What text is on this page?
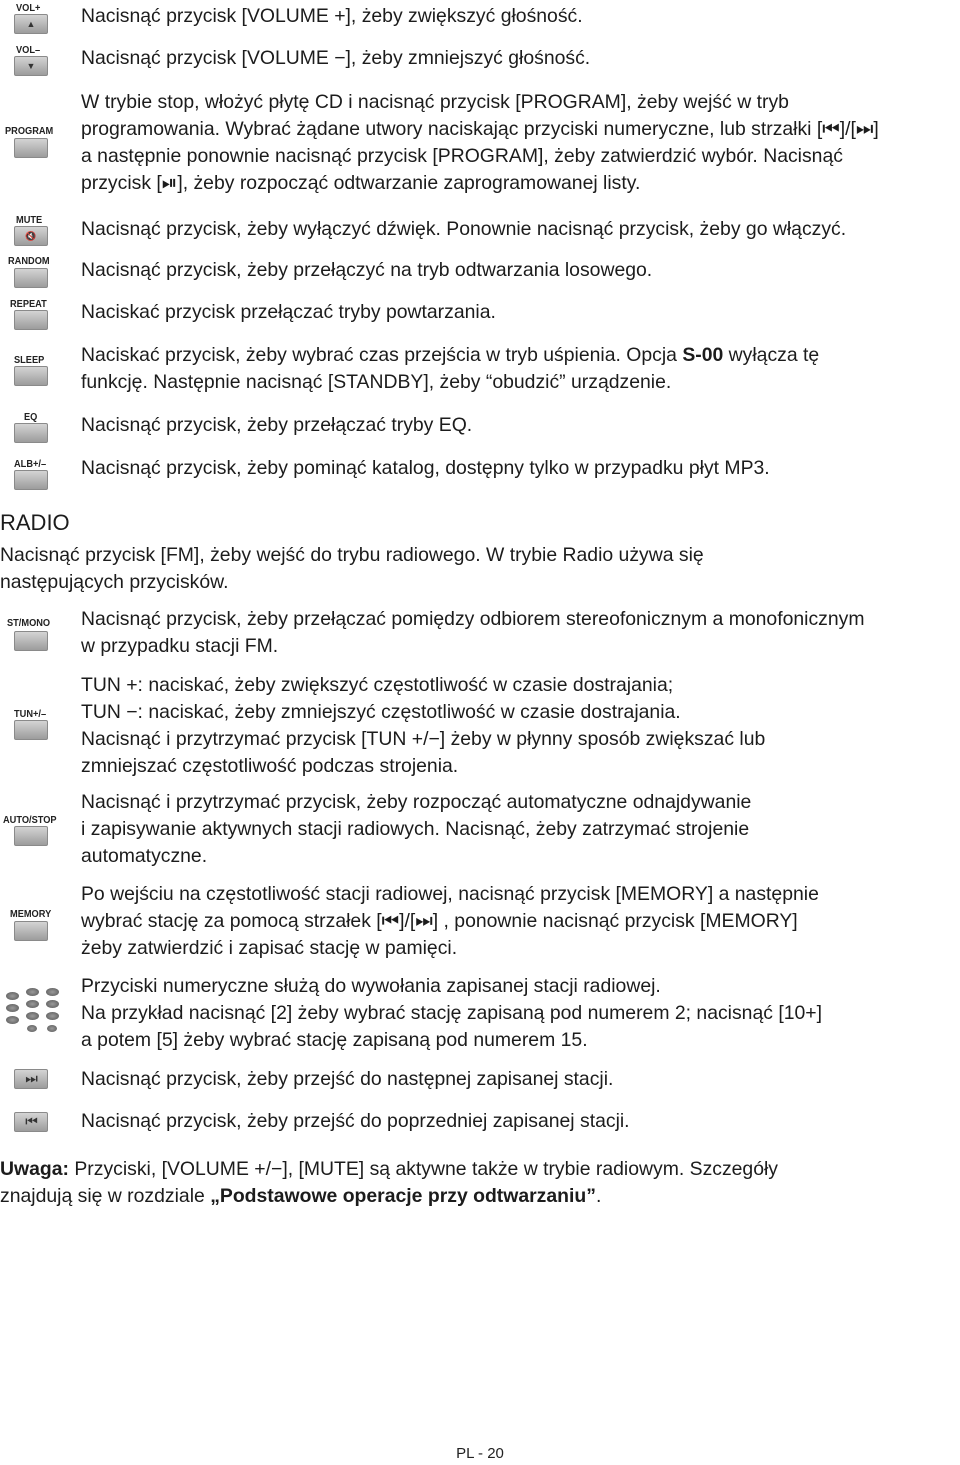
VOL+
▲	Nacisnąć przycisk [VOLUME +], żeby zwiększyć głośność.

VOL–
▼	Nacisnąć przycisk [VOLUME −], żeby zmniejszyć głośność.

PROGRAM

W trybie stop, włożyć płytę CD i nacisnąć przycisk [PROGRAM], żeby wejść w tryb

programowania. Wybrać żądane utwory naciskając przyciski numeryczne, lub strzałki [⏮]/[⏭]

a następnie ponownie nacisnąć przycisk [PROGRAM], żeby zatwierdzić wybór. Nacisnąć

przycisk [⏯], żeby rozpocząć odtwarzanie zaprogramowanej listy.

MUTE
🔇 Nacisnąć przycisk, żeby wyłączyć dźwięk. Ponownie nacisnąć przycisk, żeby go włączyć.

RANDOM Nacisnąć przycisk, żeby przełączyć na tryb odtwarzania losowego.

REPEAT Naciskać przycisk przełączać tryby powtarzania.

SLEEP Naciskać przycisk, żeby wybrać czas przejścia w tryb uśpienia. Opcja S-00 wyłącza tę

funkcję. Następnie nacisnąć [STANDBY], żeby “obudzić” urządzenie.

EQ Nacisnąć przycisk, żeby przełączać tryby EQ.

ALB+/– Nacisnąć przycisk, żeby pominąć katalog, dostępny tylko w przypadku płyt MP3.

RADIO

Nacisnąć przycisk [FM], żeby wejść do trybu radiowego. W trybie Radio używa się

następujących przycisków.

ST/MONO Nacisnąć przycisk, żeby przełączać pomiędzy odbiorem stereofonicznym a monofonicznym

w przypadku stacji FM.

TUN+/–

TUN +: naciskać, żeby zwiększyć częstotliwość w czasie dostrajania;

TUN −: naciskać, żeby zmniejszyć częstotliwość w czasie dostrajania.

Nacisnąć i przytrzymać przycisk [TUN +/−] żeby w płynny sposób zwiększać lub

zmniejszać częstotliwość podczas strojenia.

AUTO/STOP

Nacisnąć i przytrzymać przycisk, żeby rozpocząć automatyczne odnajdywanie

i zapisywanie aktywnych stacji radiowych. Nacisnąć, żeby zatrzymać strojenie

automatyczne.

MEMORY

Po wejściu na częstotliwość stacji radiowej, nacisnąć przycisk [MEMORY] a następnie

wybrać stację za pomocą strzałek [⏮]/[⏭] , ponownie nacisnąć przycisk [MEMORY]

żeby zatwierdzić i zapisać stację w pamięci.

Przyciski numeryczne służą do wywołania zapisanej stacji radiowej.

Na przykład nacisnąć [2] żeby wybrać stację zapisaną pod numerem 2; nacisnąć [10+]

a potem [5] żeby wybrać stację zapisaną pod numerem 15.

⏭ Nacisnąć przycisk, żeby przejść do następnej zapisanej stacji.

⏮ Nacisnąć przycisk, żeby przejść do poprzedniej zapisanej stacji.

Uwaga: Przyciski, [VOLUME +/−], [MUTE] są aktywne także w trybie radiowym. Szczegóły

znajdują się w rozdziale „Podstawowe operacje przy odtwarzaniu”.

PL - 20
